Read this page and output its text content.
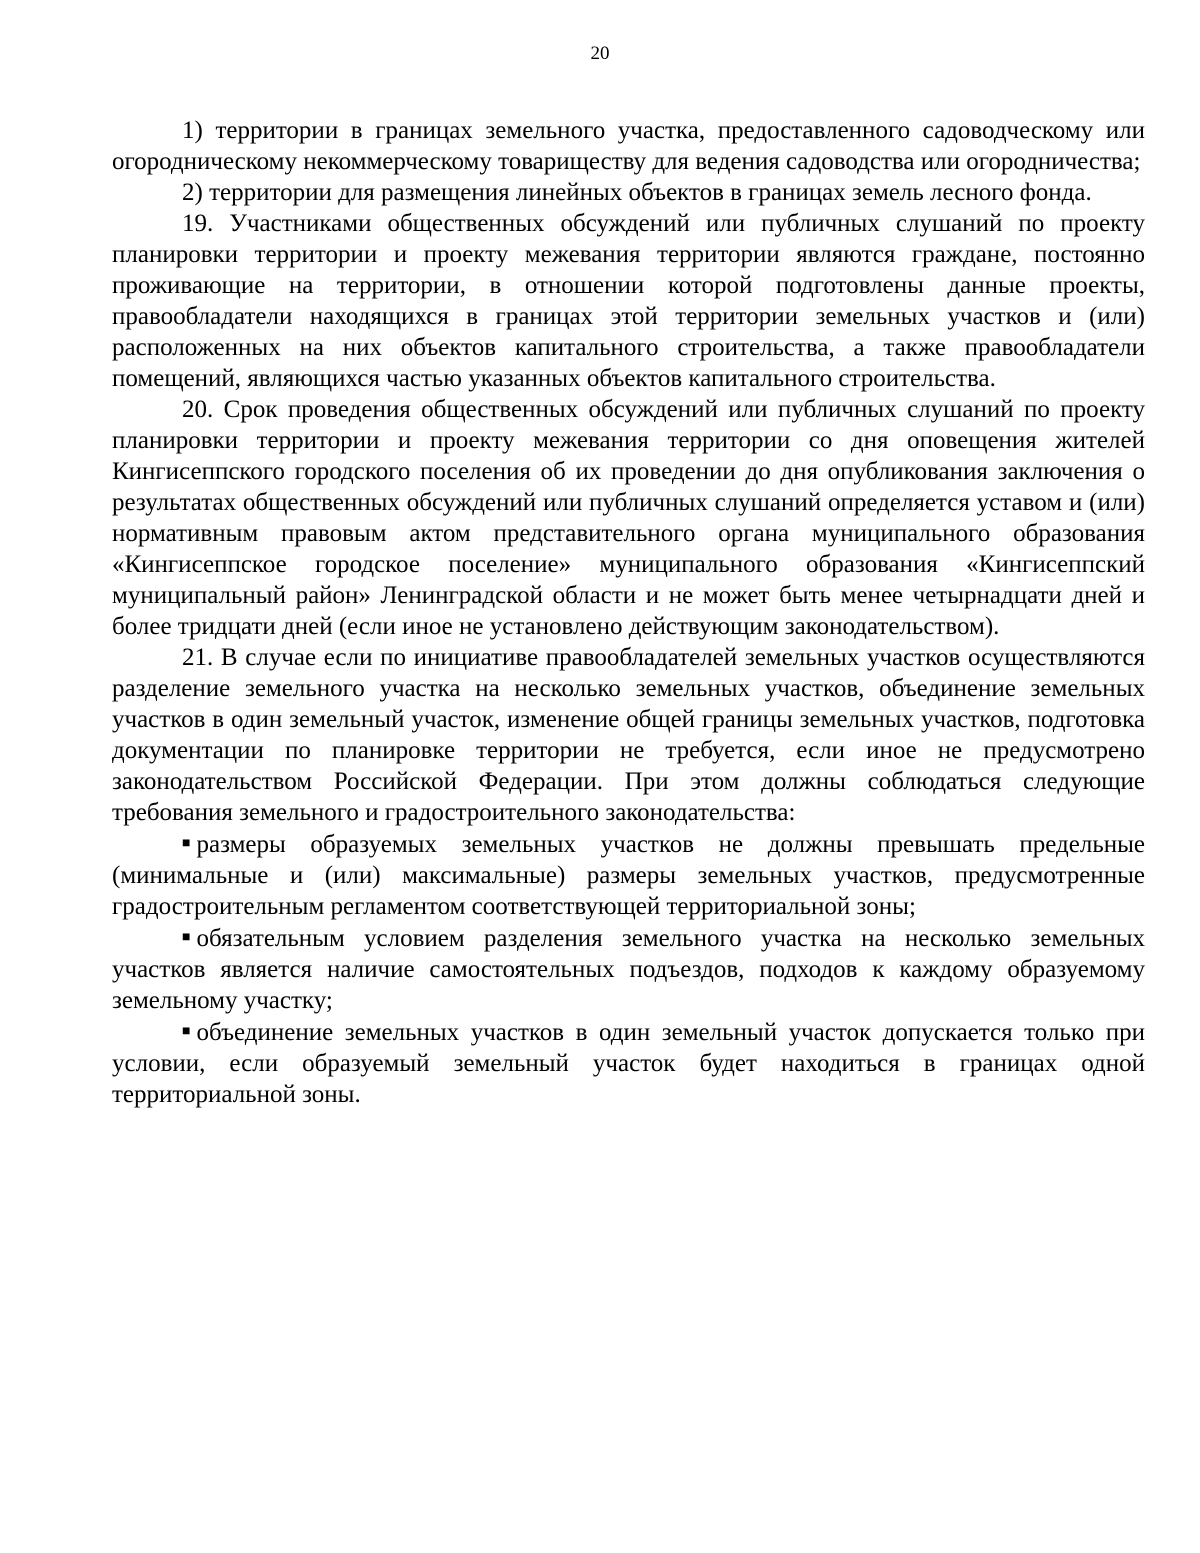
20

1) территории в границах земельного участка, предоставленного садоводческому или огородническому некоммерческому товариществу для ведения садоводства или огородничества;

2) территории для размещения линейных объектов в границах земель лесного фонда.

19. Участниками общественных обсуждений или публичных слушаний по проекту планировки территории и проекту межевания территории являются граждане, постоянно проживающие на территории, в отношении которой подготовлены данные проекты, правообладатели находящихся в границах этой территории земельных участков и (или) расположенных на них объектов капитального строительства, а также правообладатели помещений, являющихся частью указанных объектов капитального строительства.

20. Срок проведения общественных обсуждений или публичных слушаний по проекту планировки территории и проекту межевания территории со дня оповещения жителей Кингисеппского городского поселения об их проведении до дня опубликования заключения о результатах общественных обсуждений или публичных слушаний определяется уставом и (или) нормативным правовым актом представительного органа муниципального образования «Кингисеппское городское поселение» муниципального образования «Кингисеппский муниципальный район» Ленинградской области и не может быть менее четырнадцати дней и более тридцати дней (если иное не установлено действующим законодательством).

21. В случае если по инициативе правообладателей земельных участков осуществляются разделение земельного участка на несколько земельных участков, объединение земельных участков в один земельный участок, изменение общей границы земельных участков, подготовка документации по планировке территории не требуется, если иное не предусмотрено законодательством Российской Федерации. При этом должны соблюдаться следующие требования земельного и градостроительного законодательства:

■ размеры образуемых земельных участков не должны превышать предельные (минимальные и (или) максимальные) размеры земельных участков, предусмотренные градостроительным регламентом соответствующей территориальной зоны;

■ обязательным условием разделения земельного участка на несколько земельных участков является наличие самостоятельных подъездов, подходов к каждому образуемому земельному участку;

■ объединение земельных участков в один земельный участок допускается только при условии, если образуемый земельный участок будет находиться в границах одной территориальной зоны.
